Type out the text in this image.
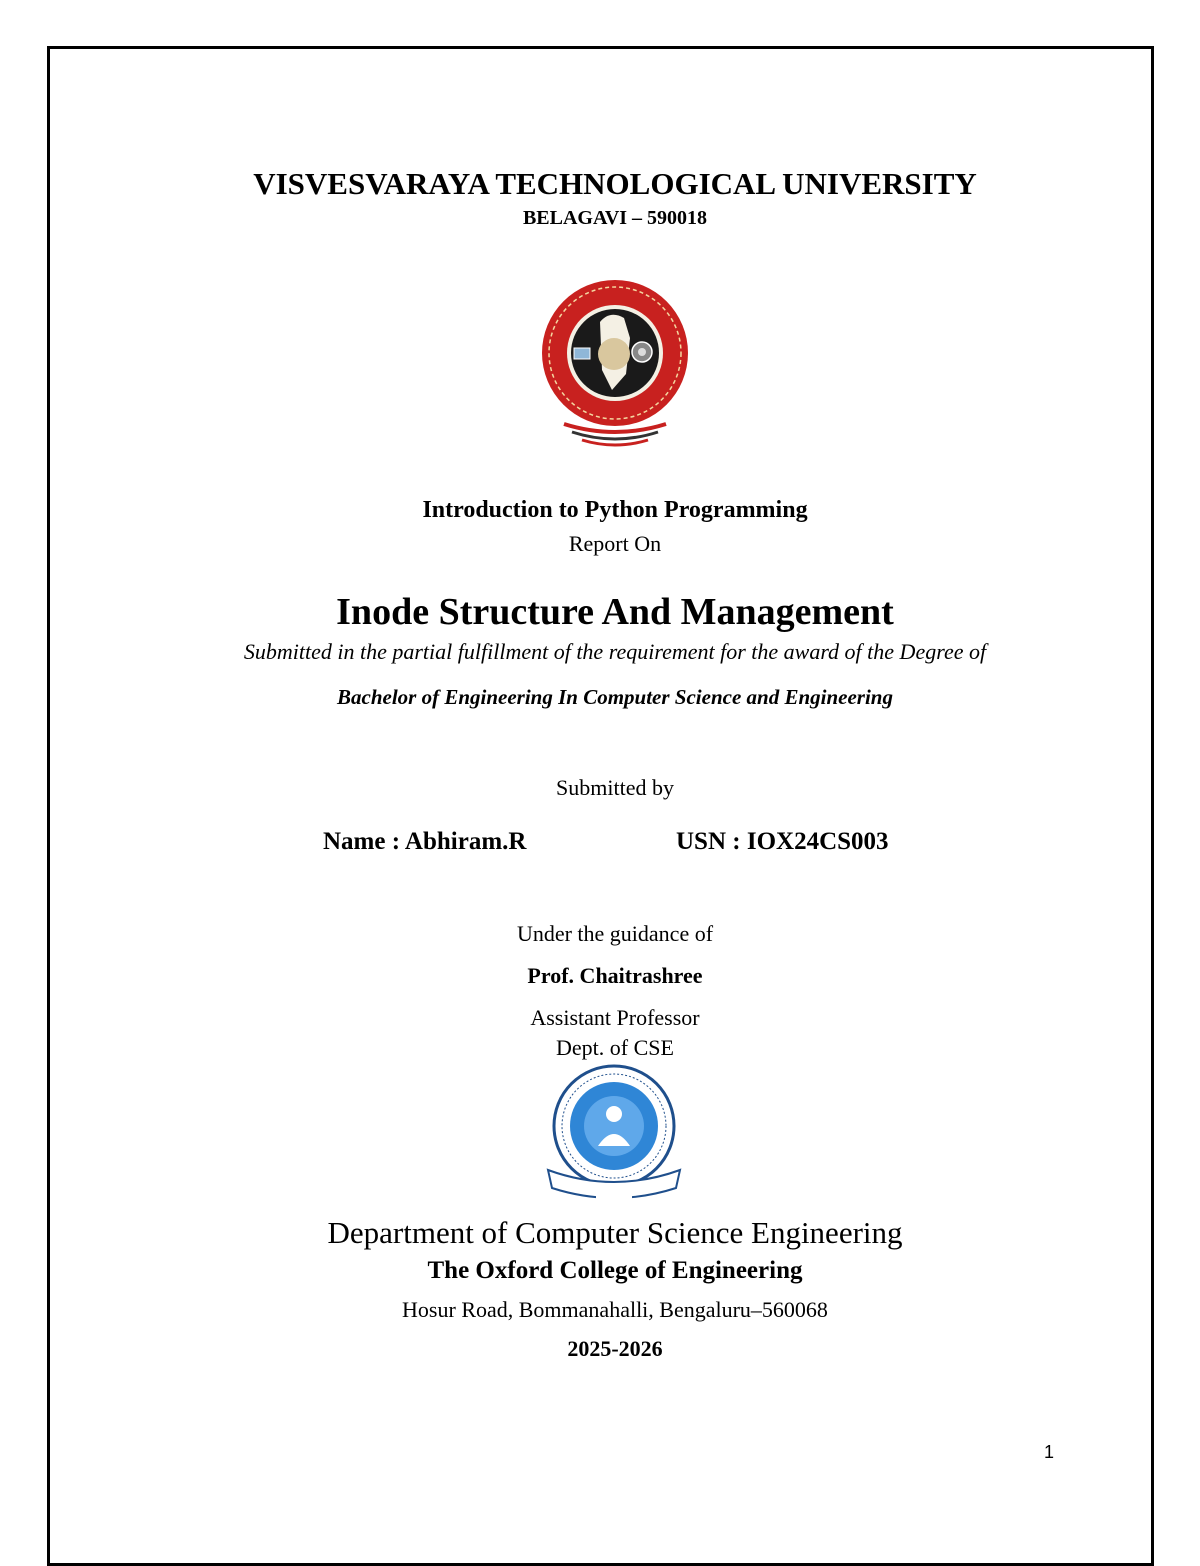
VISVESVARAYA TECHNOLOGICAL UNIVERSITY
BELAGAVI – 590018
Introduction to Python Programming
Report On
Inode Structure And Management
Submitted in the partial fulfillment of the requirement for the award of the Degree of
Bachelor of Engineering In Computer Science and Engineering
Submitted by
Name : Abhiram.R	USN : IOX24CS003
Under the guidance of
Prof. Chaitrashree
Assistant Professor
Dept. of CSE
Department of Computer Science Engineering
The Oxford College of Engineering
Hosur Road, Bommanahalli, Bengaluru–560068
2025-2026
1
